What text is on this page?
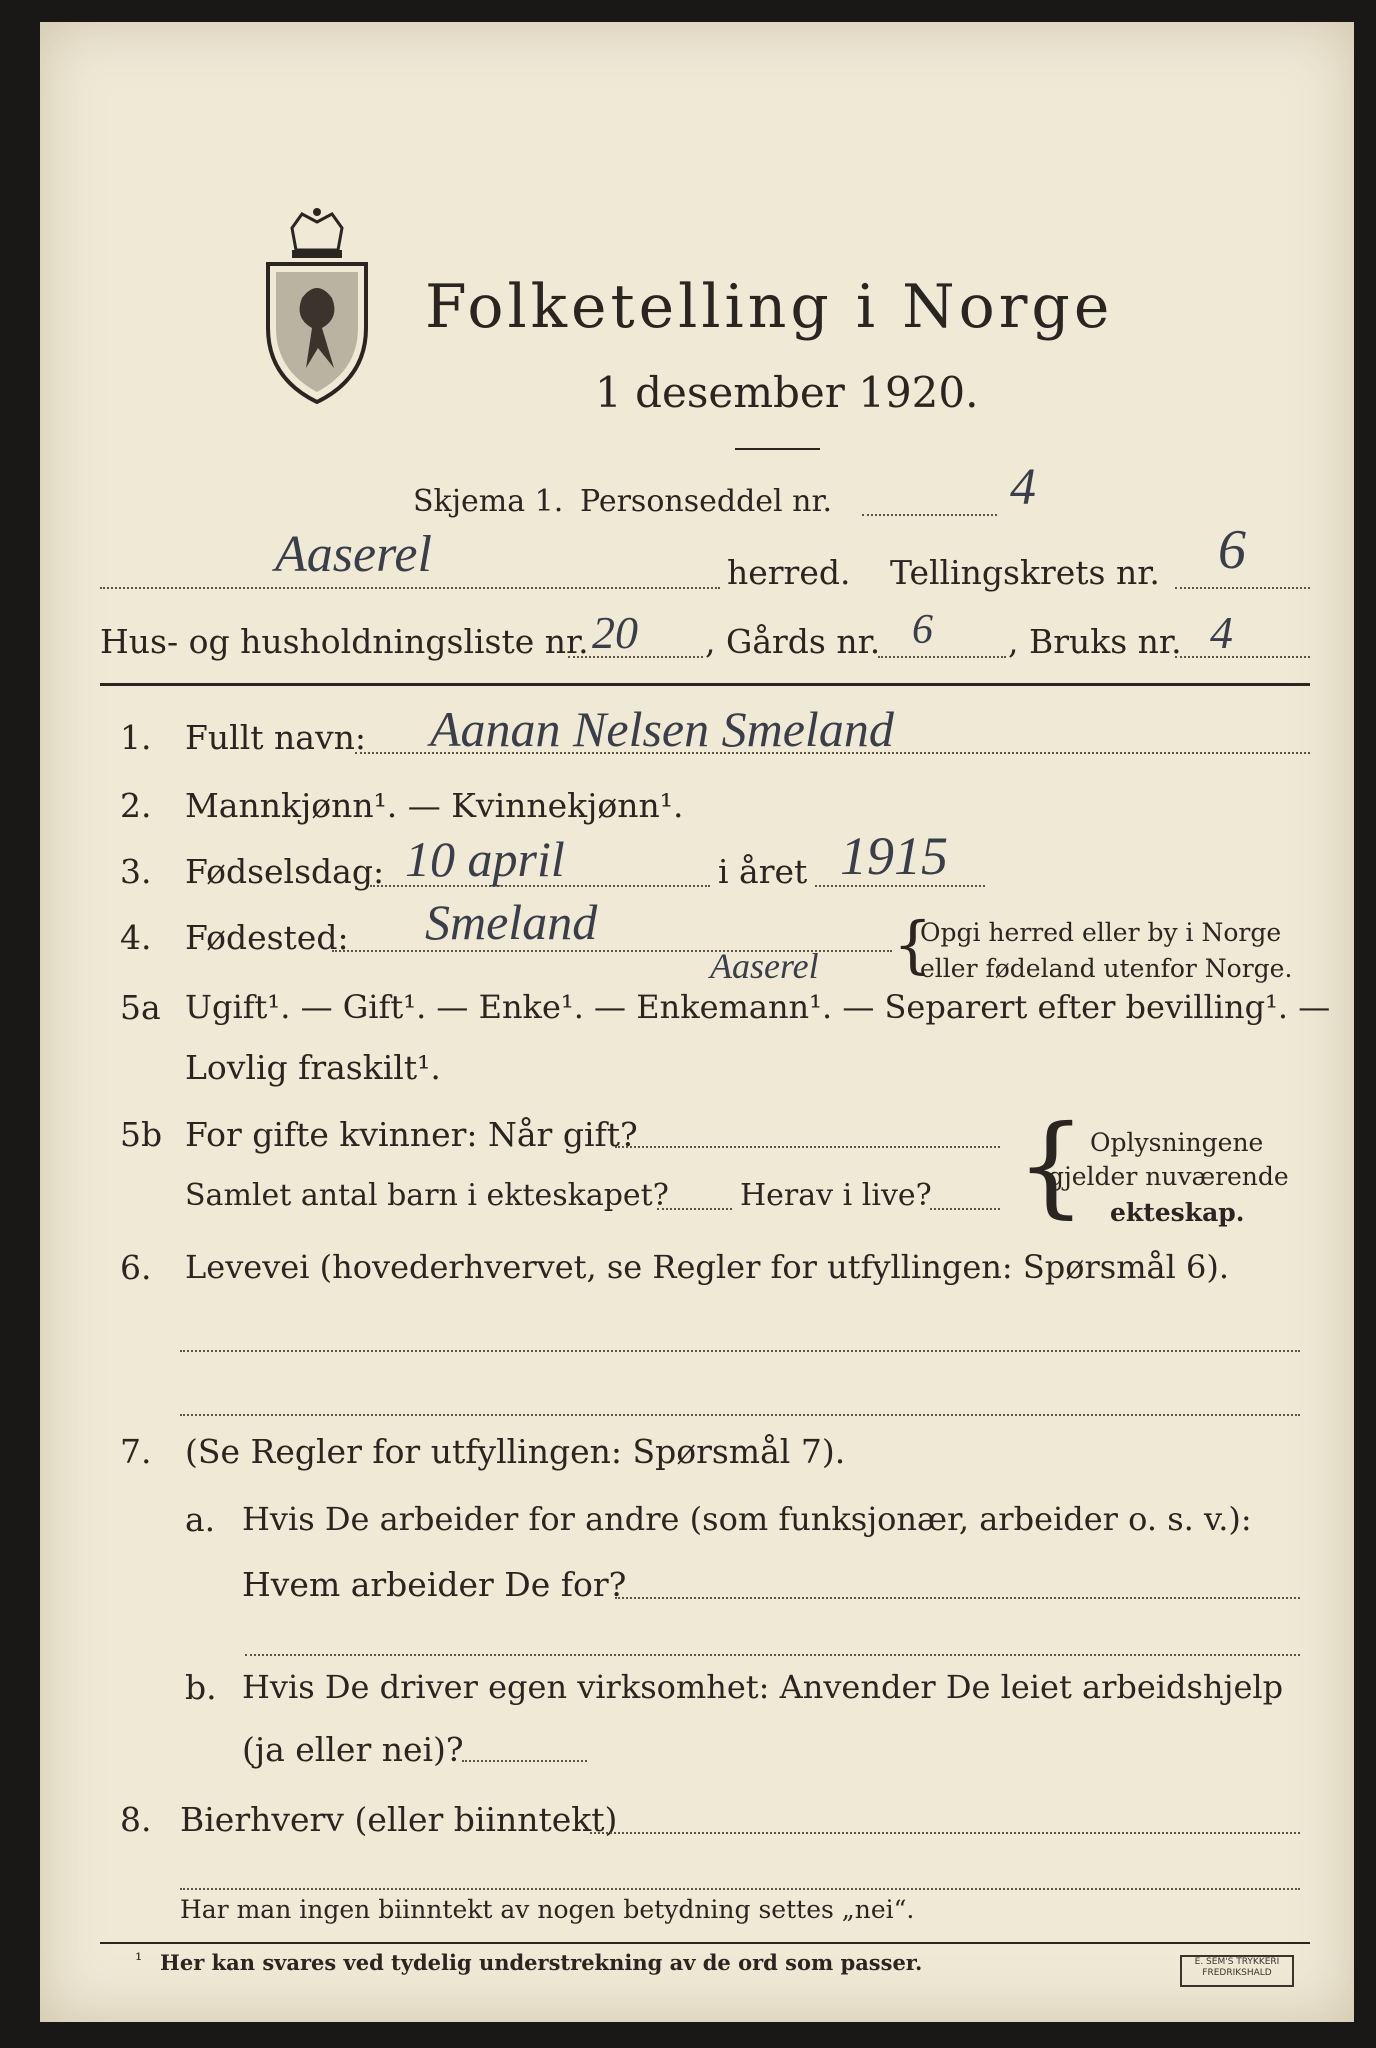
Folketelling i Norge
1 desember 1920.
Skjema 1. Personseddel nr.	4
Aaserel	herred. Tellingskrets nr. 6
Hus- og husholdningsliste nr. 20 , Gårds nr. 6 , Bruks nr. 4
1. Fullt navn: Aanan Nelsen Smeland
2. Mannkjønn¹. — Kvinnekjønn¹.
3. Fødselsdag: 10 april	i året 1915
4. Fødested: Smeland
Aaserel {
Opgi herred eller by i Norge
eller fødeland utenfor Norge.
5a Ugift¹. — Gift¹. — Enke¹. — Enkemann¹. — Separert efter bevilling¹. —
Lovlig fraskilt¹.
5b For gifte kvinner: Når gift?
Samlet antal barn i ekteskapet? Herav i live? { Oplysningene
gjelder nuværende
ekteskap.
6. Levevei (hovederhvervet, se Regler for utfyllingen: Spørsmål 6).
7. (Se Regler for utfyllingen: Spørsmål 7).
a. Hvis De arbeider for andre (som funksjonær, arbeider o. s. v.):
Hvem arbeider De for?
b. Hvis De driver egen virksomhet: Anvender De leiet arbeidshjelp
(ja eller nei)?
8. Bierhverv (eller biinntekt)
Har man ingen biinntekt av nogen betydning settes „nei“.
¹ Her kan svares ved tydelig understrekning av de ord som passer.	E. SEM'S TRYKKERI FREDRIKSHALD
